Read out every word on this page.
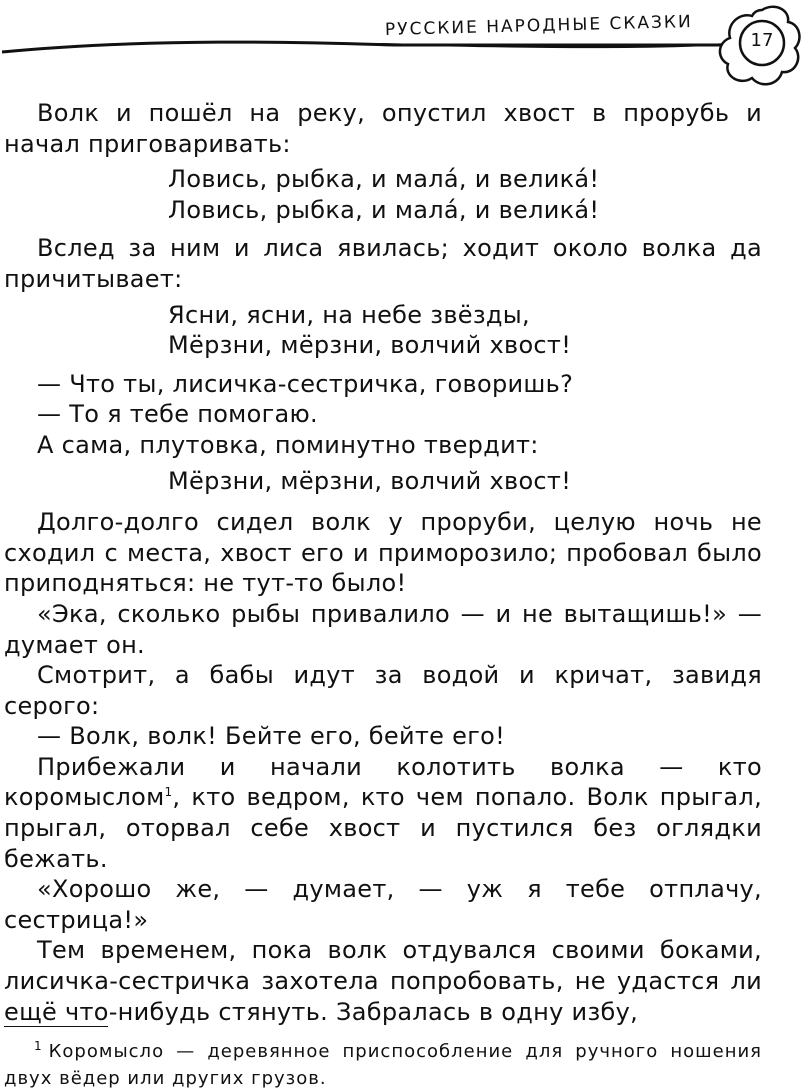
РУССКИЕ НАРОДНЫЕ СКАЗКИ
17

Волк и пошёл на реку, опустил хвост в прорубь и начал приговаривать:

Ловись, рыбка, и мала́, и велика́!
Ловись, рыбка, и мала́, и велика́!

Вслед за ним и лиса явилась; ходит около волка да причитывает:

Ясни, ясни, на небе звёзды,
Мёрзни, мёрзни, волчий хвост!

— Что ты, лисичка-сестричка, говоришь?

— То я тебе помогаю.

А сама, плутовка, поминутно твердит:

Мёрзни, мёрзни, волчий хвост!

Долго-долго сидел волк у проруби, целую ночь не сходил с места, хвост его и приморозило; пробовал было приподняться: не тут-то было!

«Эка, сколько рыбы привалило — и не вытащишь!» — думает он.

Смотрит, а бабы идут за водой и кричат, завидя серого:

— Волк, волк! Бейте его, бейте его!

Прибежали и начали колотить волка — кто коромыслом$^1$, кто ведром, кто чем попало. Волк прыгал, прыгал, оторвал себе хвост и пустился без оглядки бежать.

«Хорошо же, — думает, — уж я тебе отплачу, сестрица!»

Тем временем, пока волк отдувался своими боками, лисичка-сестричка захотела попробовать, не удастся ли ещё что-нибудь стянуть. Забралась в одну избу,

$^1$ Коромысло — деревянное приспособление для ручного ношения двух вёдер или других грузов.
